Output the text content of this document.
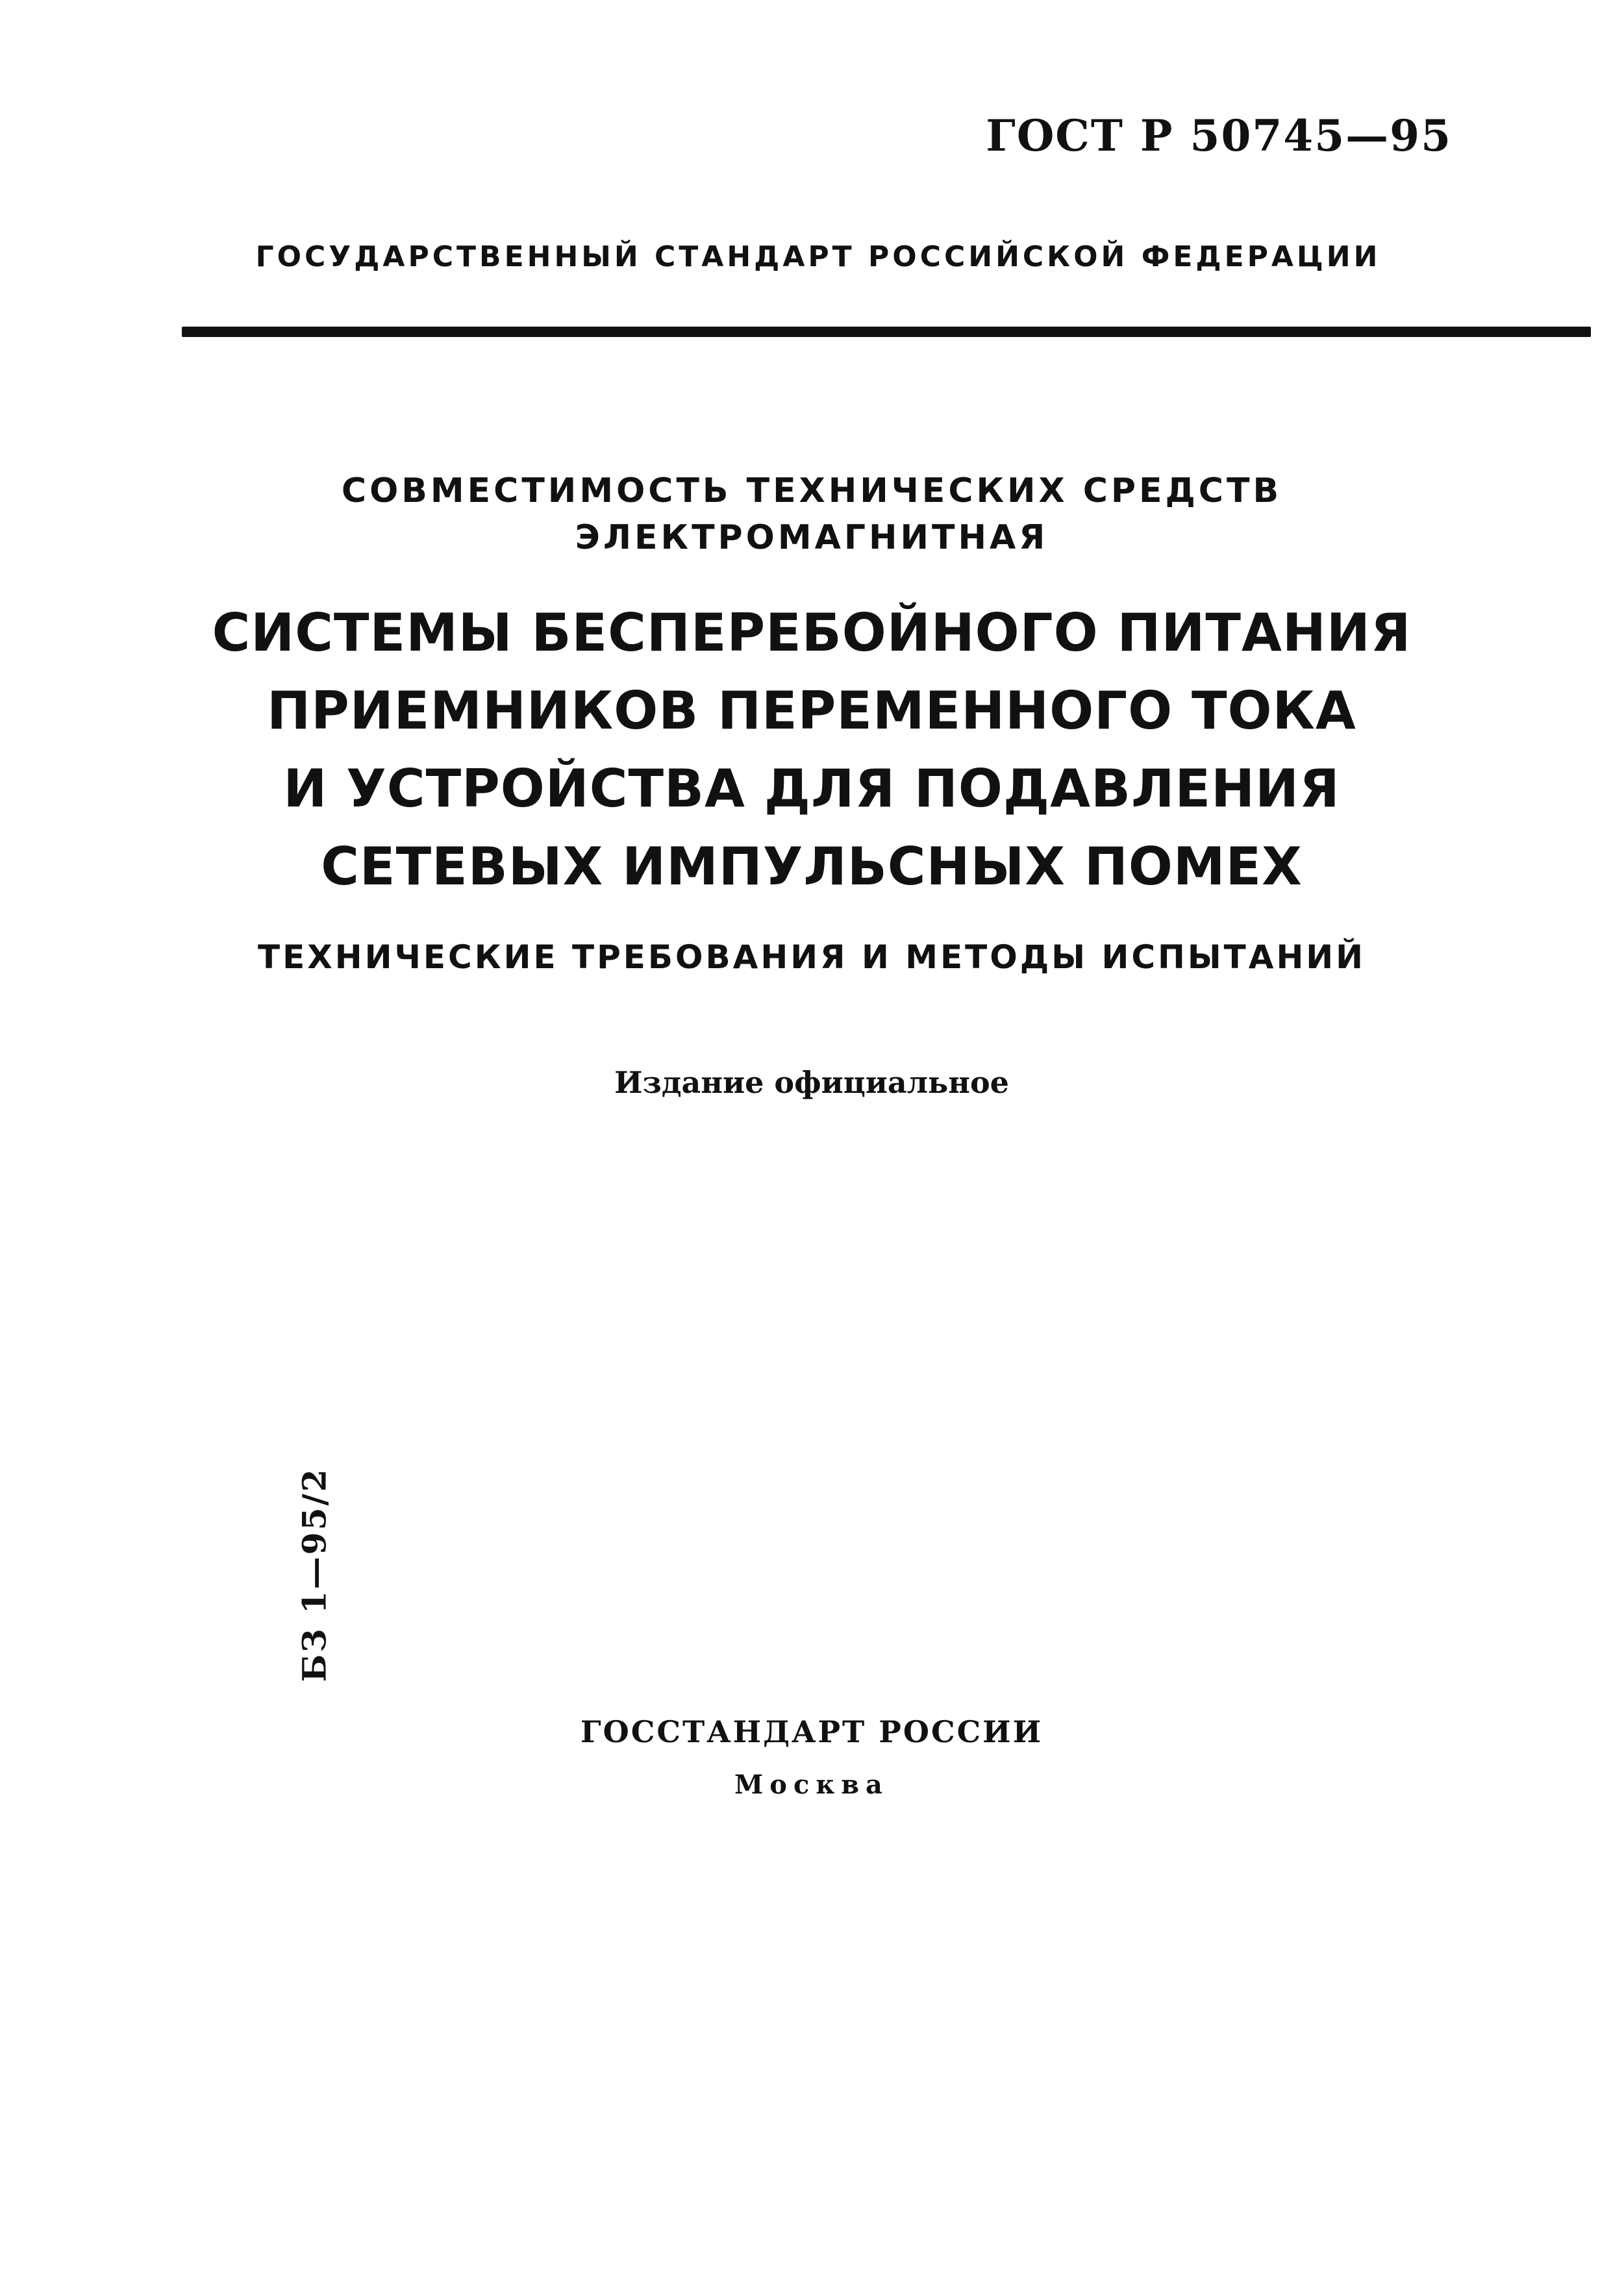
ГОСТ Р 50745—95
ГОСУДАРСТВЕННЫЙ СТАНДАРТ РОССИЙСКОЙ ФЕДЕРАЦИИ
СОВМЕСТИМОСТЬ ТЕХНИЧЕСКИХ СРЕДСТВ
ЭЛЕКТРОМАГНИТНАЯ
СИСТЕМЫ БЕСПЕРЕБОЙНОГО ПИТАНИЯ
ПРИЕМНИКОВ ПЕРЕМЕННОГО ТОКА
И УСТРОЙСТВА ДЛЯ ПОДАВЛЕНИЯ
СЕТЕВЫХ ИМПУЛЬСНЫХ ПОМЕХ
ТЕХНИЧЕСКИЕ ТРЕБОВАНИЯ И МЕТОДЫ ИСПЫТАНИЙ
Издание официальное
БЗ 1—95/2
ГОССТАНДАРТ РОССИИ
Москва
